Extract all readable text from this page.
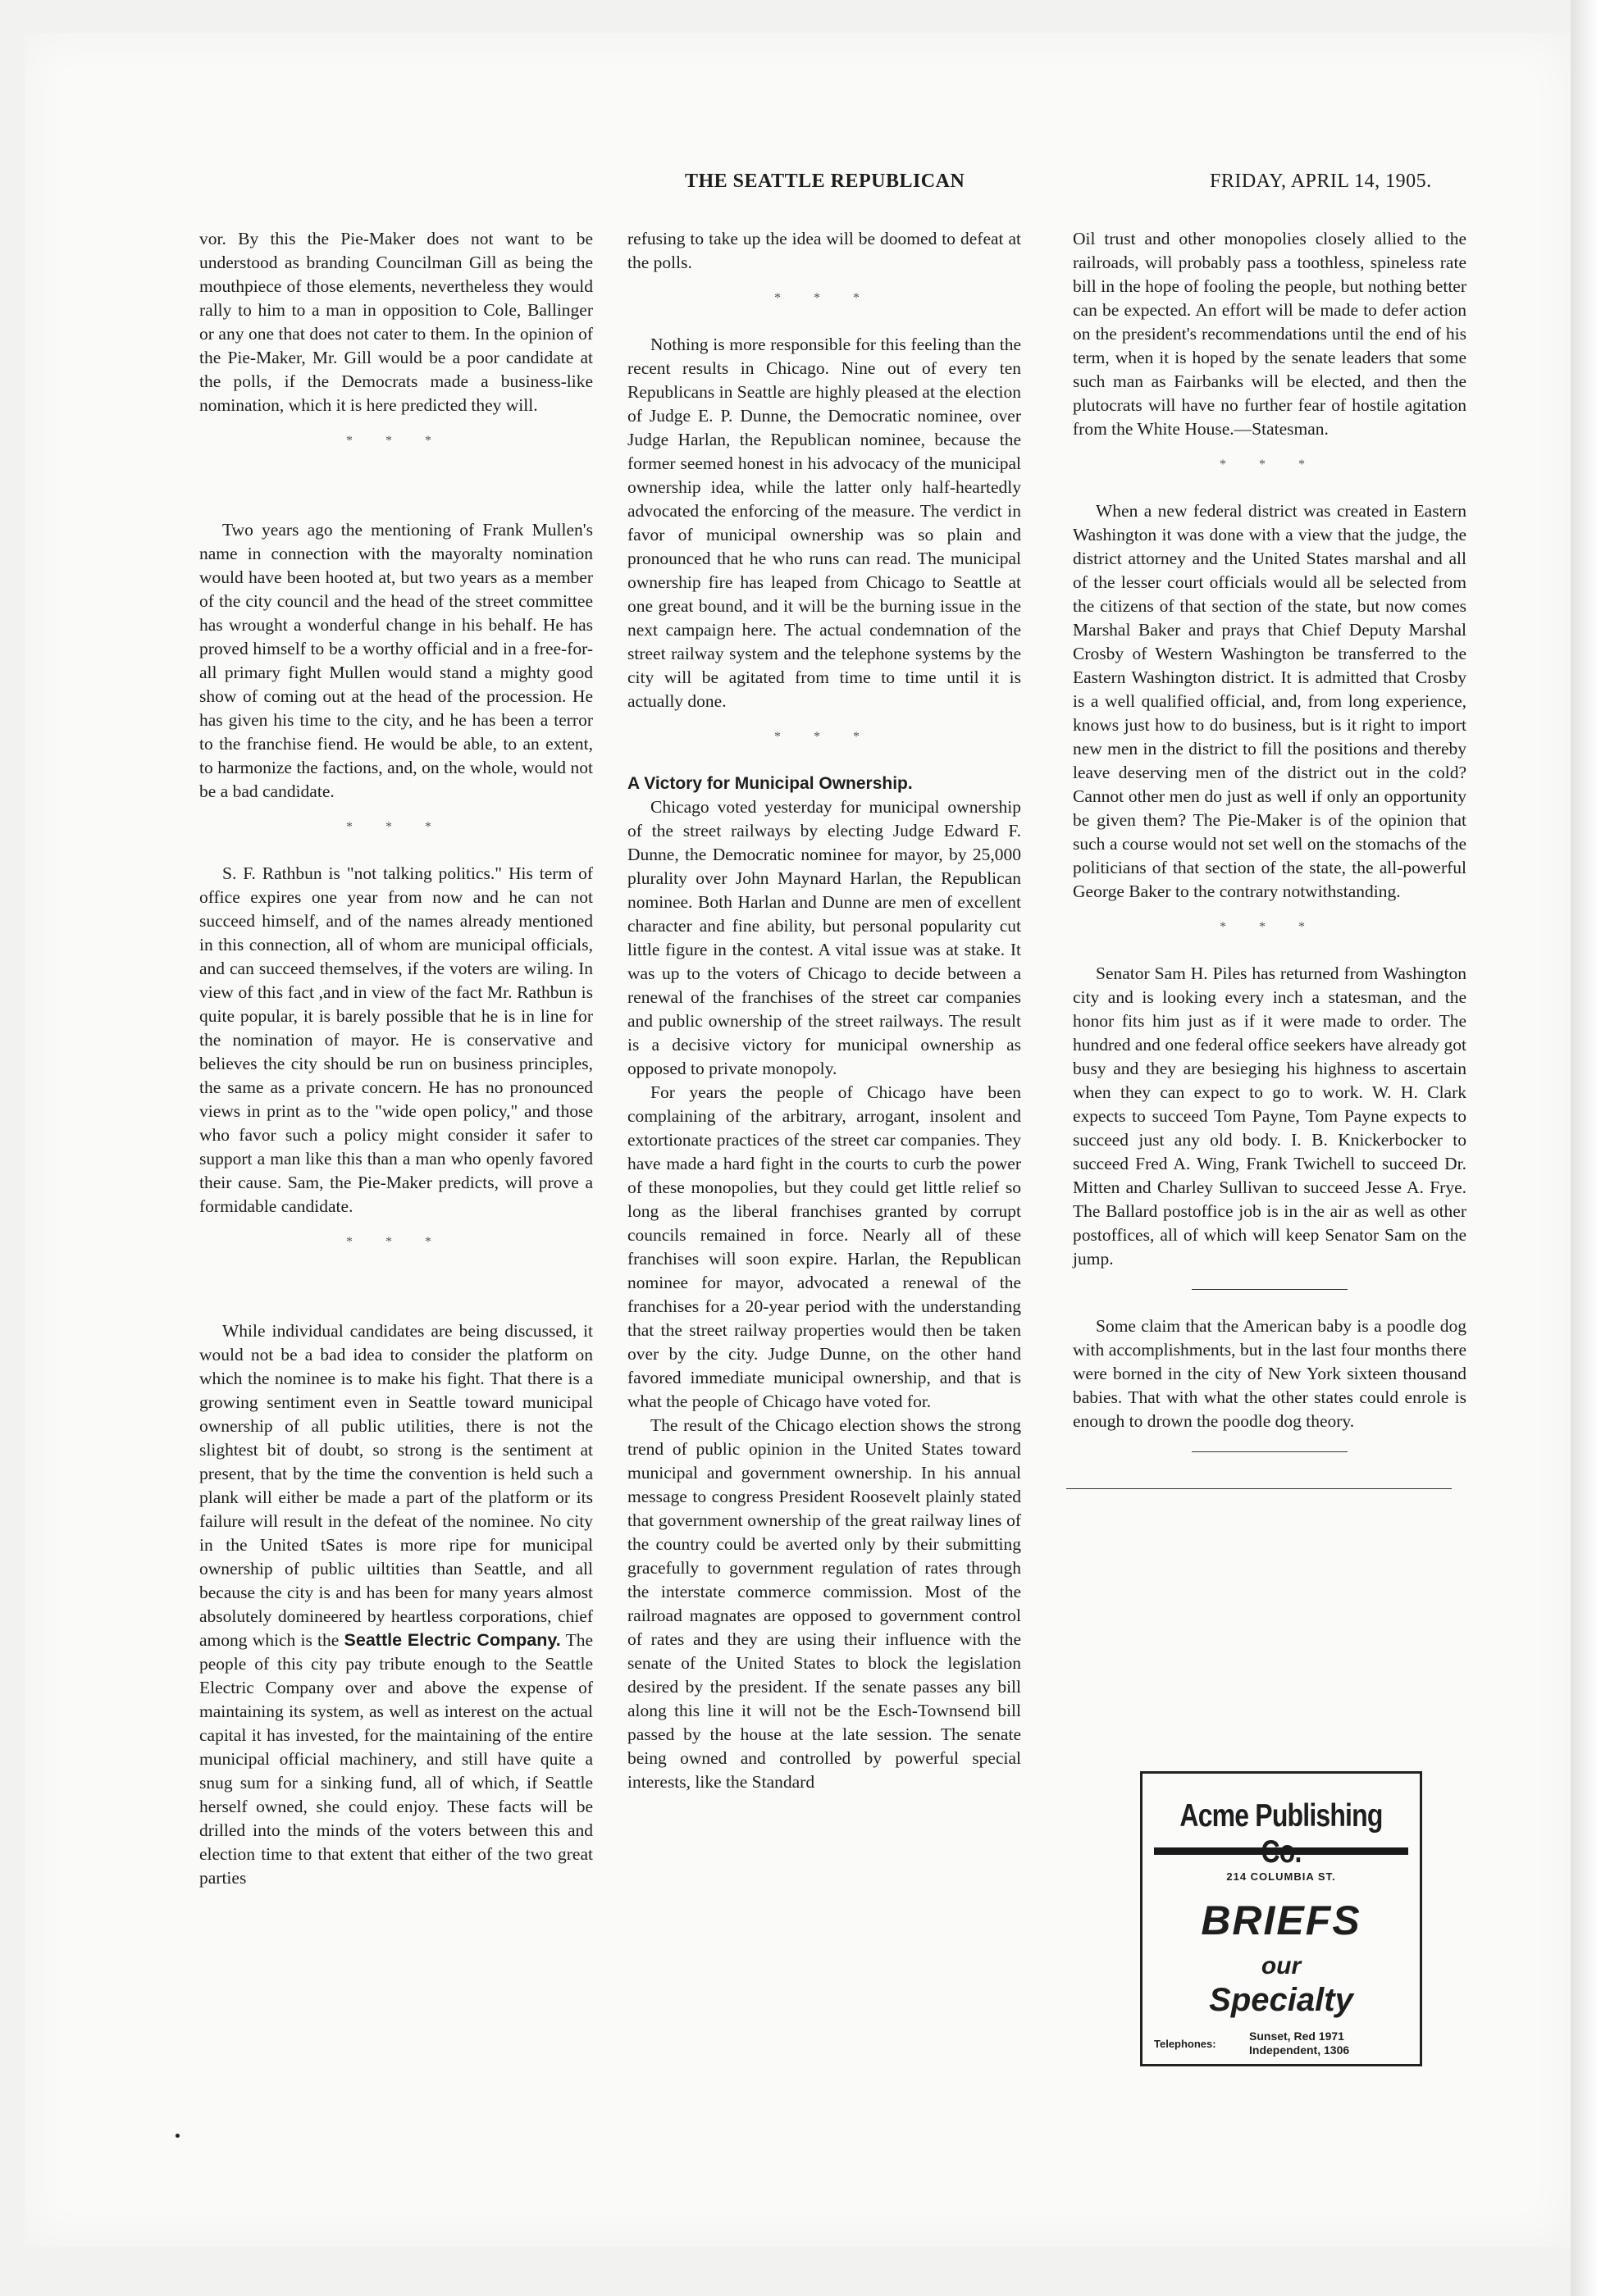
THE SEATTLE REPUBLICAN	FRIDAY, APRIL 14, 1905.

vor. By this the Pie-Maker does not want to be understood as branding Councilman Gill as being the mouthpiece of those elements, nevertheless they would rally to him to a man in opposition to Cole, Ballinger or any one that does not cater to them. In the opinion of the Pie-Maker, Mr. Gill would be a poor candidate at the polls, if the Democrats made a business-like nomination, which it is here predicted they will.

* * *

Two years ago the mentioning of Frank Mullen's name in connection with the mayoralty nomination would have been hooted at, but two years as a member of the city council and the head of the street committee has wrought a wonderful change in his behalf. He has proved himself to be a worthy official and in a free-for-all primary fight Mullen would stand a mighty good show of coming out at the head of the procession. He has given his time to the city, and he has been a terror to the franchise fiend. He would be able, to an extent, to harmonize the factions, and, on the whole, would not be a bad candidate.

* * *

S. F. Rathbun is "not talking politics." His term of office expires one year from now and he can not succeed himself, and of the names already mentioned in this connection, all of whom are municipal officials, and can succeed themselves, if the voters are wiling. In view of this fact ,and in view of the fact Mr. Rathbun is quite popular, it is barely possible that he is in line for the nomination of mayor. He is conservative and believes the city should be run on business principles, the same as a private concern. He has no pronounced views in print as to the "wide open policy," and those who favor such a policy might consider it safer to support a man like this than a man who openly favored their cause. Sam, the Pie-Maker predicts, will prove a formidable candidate.

* * *

While individual candidates are being discussed, it would not be a bad idea to consider the platform on which the nominee is to make his fight. That there is a growing sentiment even in Seattle toward municipal ownership of all public utilities, there is not the slightest bit of doubt, so strong is the sentiment at present, that by the time the convention is held such a plank will either be made a part of the platform or its failure will result in the defeat of the nominee. No city in the United tSates is more ripe for municipal ownership of public uiltities than Seattle, and all because the city is and has been for many years almost absolutely domineered by heartless corporations, chief among which is the Seattle Electric Company. The people of this city pay tribute enough to the Seattle Electric Company over and above the expense of maintaining its system, as well as interest on the actual capital it has invested, for the maintaining of the entire municipal official machinery, and still have quite a snug sum for a sinking fund, all of which, if Seattle herself owned, she could enjoy. These facts will be drilled into the minds of the voters between this and election time to that extent that either of the two great parties

refusing to take up the idea will be doomed to defeat at the polls.

* * *

Nothing is more responsible for this feeling than the recent results in Chicago. Nine out of every ten Republicans in Seattle are highly pleased at the election of Judge E. P. Dunne, the Democratic nominee, over Judge Harlan, the Republican nominee, because the former seemed honest in his advocacy of the municipal ownership idea, while the latter only half-heartedly advocated the enforcing of the measure. The verdict in favor of municipal ownership was so plain and pronounced that he who runs can read. The municipal ownership fire has leaped from Chicago to Seattle at one great bound, and it will be the burning issue in the next campaign here. The actual condemnation of the street railway system and the telephone systems by the city will be agitated from time to time until it is actually done.

* * *
A Victory for Municipal Ownership.

Chicago voted yesterday for municipal ownership of the street railways by electing Judge Edward F. Dunne, the Democratic nominee for mayor, by 25,000 plurality over John Maynard Harlan, the Republican nominee. Both Harlan and Dunne are men of excellent character and fine ability, but personal popularity cut little figure in the contest. A vital issue was at stake. It was up to the voters of Chicago to decide between a renewal of the franchises of the street car companies and public ownership of the street railways. The result is a decisive victory for municipal ownership as opposed to private monopoly.

For years the people of Chicago have been complaining of the arbitrary, arrogant, insolent and extortionate practices of the street car companies. They have made a hard fight in the courts to curb the power of these monopolies, but they could get little relief so long as the liberal franchises granted by corrupt councils remained in force. Nearly all of these franchises will soon expire. Harlan, the Republican nominee for mayor, advocated a renewal of the franchises for a 20-year period with the understanding that the street railway properties would then be taken over by the city. Judge Dunne, on the other hand favored immediate municipal ownership, and that is what the people of Chicago have voted for.

The result of the Chicago election shows the strong trend of public opinion in the United States toward municipal and government ownership. In his annual message to congress President Roosevelt plainly stated that government ownership of the great railway lines of the country could be averted only by their submitting gracefully to government regulation of rates through the interstate commerce commission. Most of the railroad magnates are opposed to government control of rates and they are using their influence with the senate of the United States to block the legislation desired by the president. If the senate passes any bill along this line it will not be the Esch-Townsend bill passed by the house at the late session. The senate being owned and controlled by powerful special interests, like the Standard

Oil trust and other monopolies closely allied to the railroads, will probably pass a toothless, spineless rate bill in the hope of fooling the people, but nothing better can be expected. An effort will be made to defer action on the president's recommendations until the end of his term, when it is hoped by the senate leaders that some such man as Fairbanks will be elected, and then the plutocrats will have no further fear of hostile agitation from the White House.—Statesman.

* * *

When a new federal district was created in Eastern Washington it was done with a view that the judge, the district attorney and the United States marshal and all of the lesser court officials would all be selected from the citizens of that section of the state, but now comes Marshal Baker and prays that Chief Deputy Marshal Crosby of Western Washington be transferred to the Eastern Washington district. It is admitted that Crosby is a well qualified official, and, from long experience, knows just how to do business, but is it right to import new men in the district to fill the positions and thereby leave deserving men of the district out in the cold? Cannot other men do just as well if only an opportunity be given them? The Pie-Maker is of the opinion that such a course would not set well on the stomachs of the politicians of that section of the state, the all-powerful George Baker to the contrary notwithstanding.

* * *

Senator Sam H. Piles has returned from Washington city and is looking every inch a statesman, and the honor fits him just as if it were made to order. The hundred and one federal office seekers have already got busy and they are besieging his highness to ascertain when they can expect to go to work. W. H. Clark expects to succeed Tom Payne, Tom Payne expects to succeed just any old body. I. B. Knickerbocker to succeed Fred A. Wing, Frank Twichell to succeed Dr. Mitten and Charley Sullivan to succeed Jesse A. Frye. The Ballard postoffice job is in the air as well as other postoffices, all of which will keep Senator Sam on the jump.

Some claim that the American baby is a poodle dog with accomplishments, but in the last four months there were borned in the city of New York sixteen thousand babies. That with what the other states could enrole is enough to drown the poodle dog theory.

Acme Publishing
214 COLUMBIA ST.
BRIEFS
our
Specialty
Telephones:
Sunset, Red 1971
Independent, 1306
